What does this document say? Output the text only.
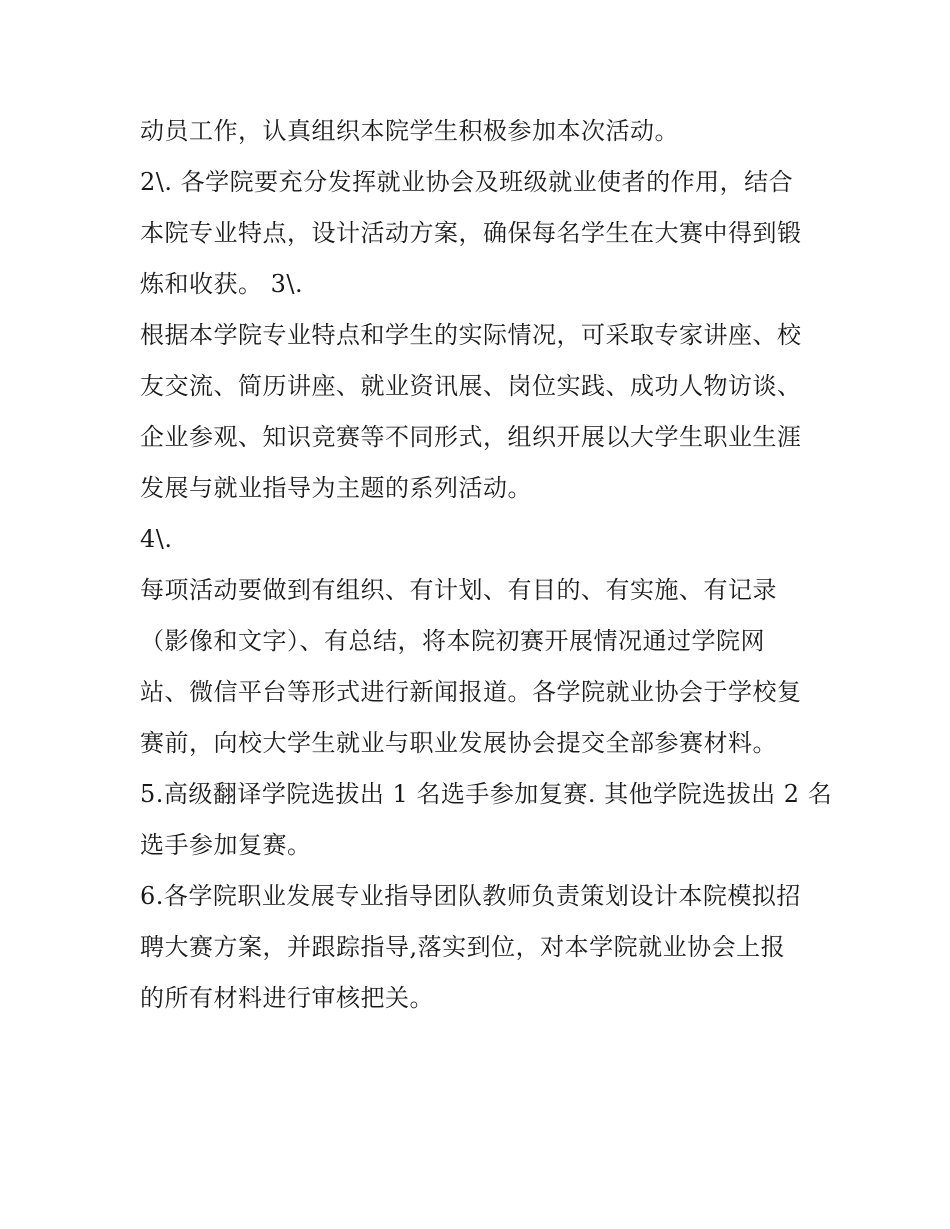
动员工作，认真组织本院学生积极参加本次活动。
2\. 各学院要充分发挥就业协会及班级就业使者的作用，结合
本院专业特点，设计活动方案，确保每名学生在大赛中得到锻
炼和收获。 3\.
根据本学院专业特点和学生的实际情况，可采取专家讲座、校
友交流、简历讲座、就业资讯展、岗位实践、成功人物访谈、
企业参观、知识竞赛等不同形式，组织开展以大学生职业生涯
发展与就业指导为主题的系列活动。
4\.
每项活动要做到有组织、有计划、有目的、有实施、有记录
（影像和文字）、有总结，将本院初赛开展情况通过学院网
站、微信平台等形式进行新闻报道。各学院就业协会于学校复
赛前，向校大学生就业与职业发展协会提交全部参赛材料。
5.高级翻译学院选拔出 1 名选手参加复赛. 其他学院选拔出 2 名
选手参加复赛。
6.各学院职业发展专业指导团队教师负责策划设计本院模拟招
聘大赛方案，并跟踪指导,落实到位，对本学院就业协会上报
的所有材料进行审核把关。
